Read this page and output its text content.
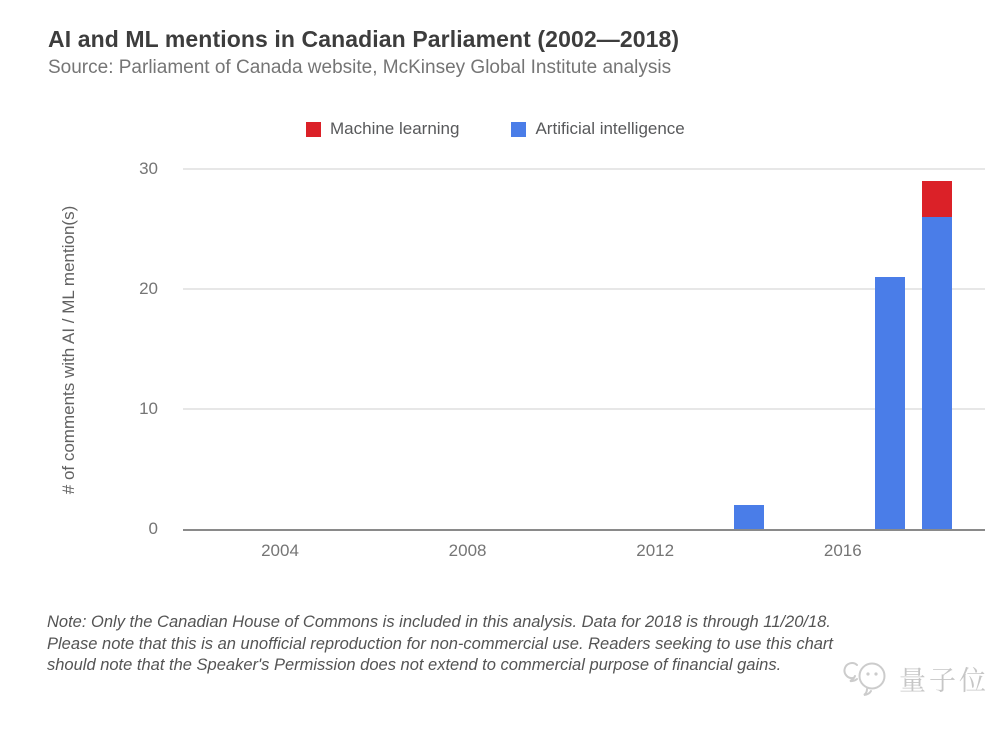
AI and ML mentions in Canadian Parliament (2002—2018)
Source: Parliament of Canada website, McKinsey Global Institute analysis
Machine learning	Artificial intelligence
# of comments with AI / ML mention(s)
0
10
20
30
2004	2008	2012	2016
Note: Only the Canadian House of Commons is included in this analysis. Data for 2018 is through 11/20/18.
Please note that this is an unofficial reproduction for non-commercial use. Readers seeking to use this chart
should note that the Speaker's Permission does not extend to commercial purpose of financial gains.
量子位
